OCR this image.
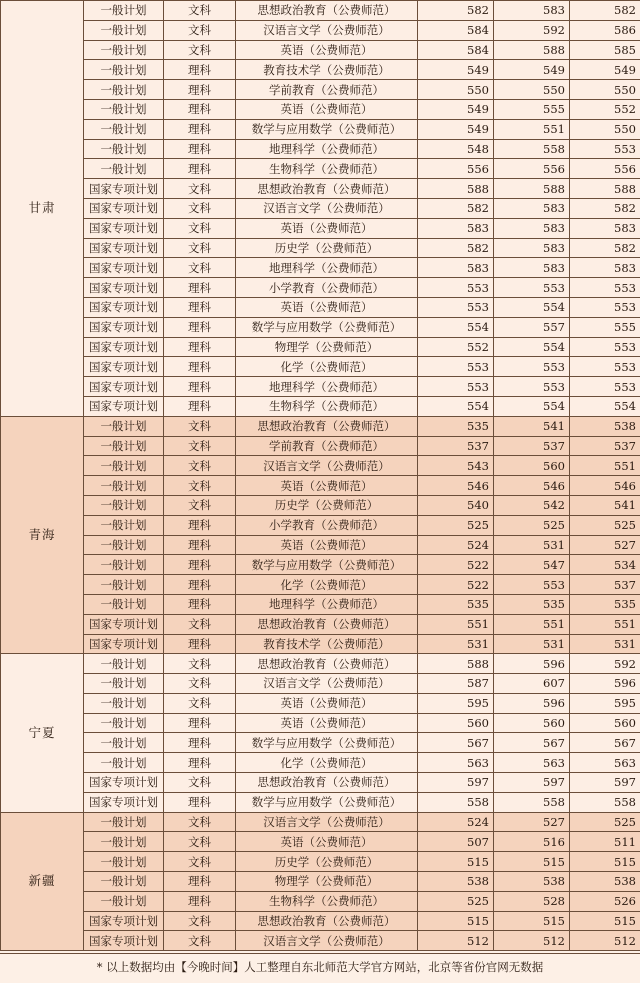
甘肃	一般计划	文科	思想政治教育（公费师范）	582	583	582
	一般计划	文科	汉语言文学（公费师范）	584	592	586
	一般计划	文科	英语（公费师范）	584	588	585
	一般计划	理科	教育技术学（公费师范）	549	549	549
	一般计划	理科	学前教育（公费师范）	550	550	550
	一般计划	理科	英语（公费师范）	549	555	552
	一般计划	理科	数学与应用数学（公费师范）	549	551	550
	一般计划	理科	地理科学（公费师范）	548	558	553
	一般计划	理科	生物科学（公费师范）	556	556	556
	国家专项计划	文科	思想政治教育（公费师范）	588	588	588
	国家专项计划	文科	汉语言文学（公费师范）	582	583	582
	国家专项计划	文科	英语（公费师范）	583	583	583
	国家专项计划	文科	历史学（公费师范）	582	583	582
	国家专项计划	文科	地理科学（公费师范）	583	583	583
	国家专项计划	理科	小学教育（公费师范）	553	553	553
	国家专项计划	理科	英语（公费师范）	553	554	553
	国家专项计划	理科	数学与应用数学（公费师范）	554	557	555
	国家专项计划	理科	物理学（公费师范）	552	554	553
	国家专项计划	理科	化学（公费师范）	553	553	553
	国家专项计划	理科	地理科学（公费师范）	553	553	553
	国家专项计划	理科	生物科学（公费师范）	554	554	554
青海	一般计划	文科	思想政治教育（公费师范）	535	541	538
	一般计划	文科	学前教育（公费师范）	537	537	537
	一般计划	文科	汉语言文学（公费师范）	543	560	551
	一般计划	文科	英语（公费师范）	546	546	546
	一般计划	文科	历史学（公费师范）	540	542	541
	一般计划	理科	小学教育（公费师范）	525	525	525
	一般计划	理科	英语（公费师范）	524	531	527
	一般计划	理科	数学与应用数学（公费师范）	522	547	534
	一般计划	理科	化学（公费师范）	522	553	537
	一般计划	理科	地理科学（公费师范）	535	535	535
	国家专项计划	文科	思想政治教育（公费师范）	551	551	551
	国家专项计划	理科	教育技术学（公费师范）	531	531	531
宁夏	一般计划	文科	思想政治教育（公费师范）	588	596	592
	一般计划	文科	汉语言文学（公费师范）	587	607	596
	一般计划	文科	英语（公费师范）	595	596	595
	一般计划	理科	英语（公费师范）	560	560	560
	一般计划	理科	数学与应用数学（公费师范）	567	567	567
	一般计划	理科	化学（公费师范）	563	563	563
	国家专项计划	文科	思想政治教育（公费师范）	597	597	597
	国家专项计划	理科	数学与应用数学（公费师范）	558	558	558
新疆	一般计划	文科	汉语言文学（公费师范）	524	527	525
	一般计划	文科	英语（公费师范）	507	516	511
	一般计划	文科	历史学（公费师范）	515	515	515
	一般计划	理科	物理学（公费师范）	538	538	538
	一般计划	理科	生物科学（公费师范）	525	528	526
	国家专项计划	文科	思想政治教育（公费师范）	515	515	515
	国家专项计划	文科	汉语言文学（公费师范）	512	512	512
* 以上数据均由【今晚时间】人工整理自东北师范大学官方网站，北京等省份官网无数据
